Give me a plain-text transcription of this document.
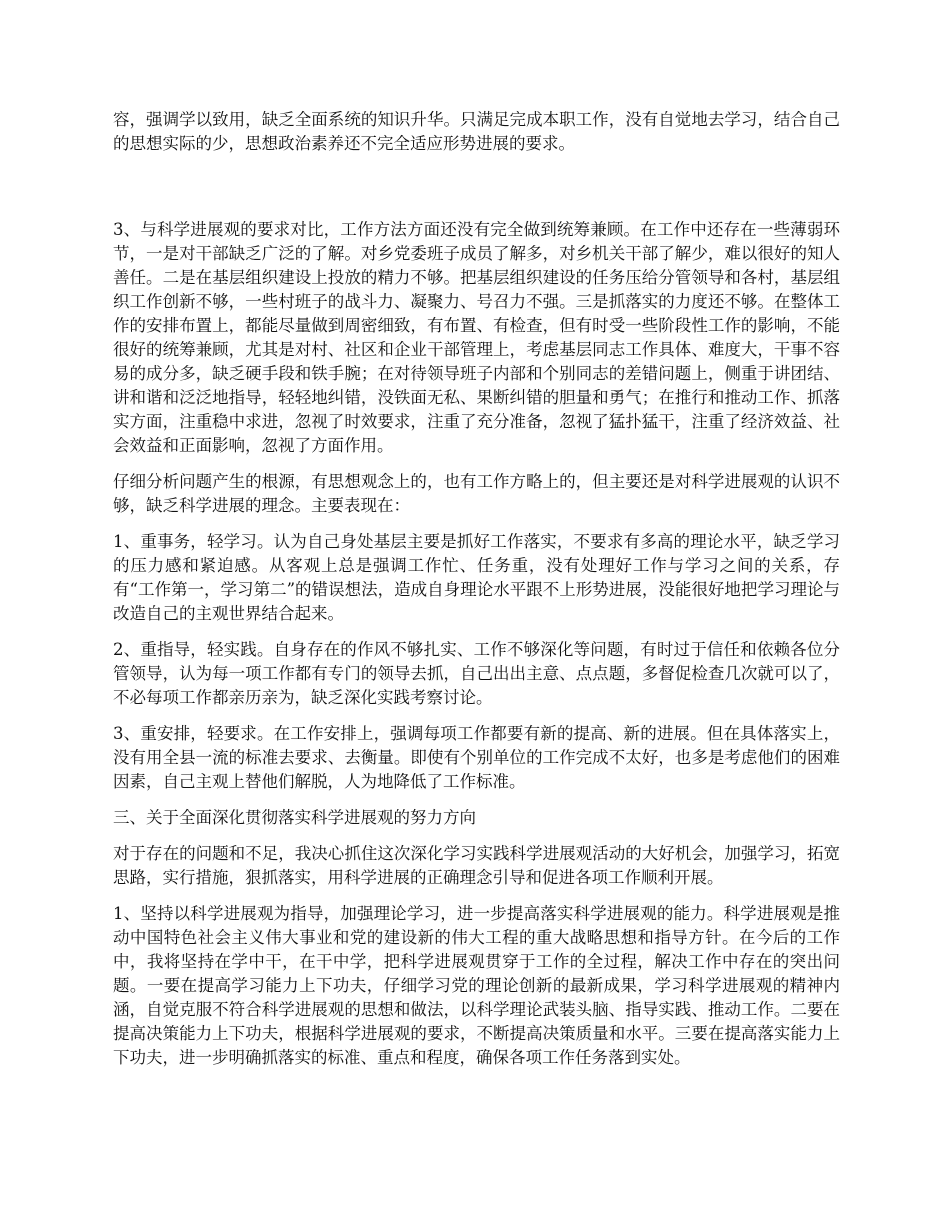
容，强调学以致用，缺乏全面系统的知识升华。只满足完成本职工作，没有自觉地去学习，结合自己的思想实际的少，思想政治素养还不完全适应形势进展的要求。

3、与科学进展观的要求对比，工作方法方面还没有完全做到统筹兼顾。在工作中还存在一些薄弱环节，一是对干部缺乏广泛的了解。对乡党委班子成员了解多，对乡机关干部了解少，难以很好的知人善任。二是在基层组织建设上投放的精力不够。把基层组织建设的任务压给分管领导和各村，基层组织工作创新不够，一些村班子的战斗力、凝聚力、号召力不强。三是抓落实的力度还不够。在整体工作的安排布置上，都能尽量做到周密细致，有布置、有检查，但有时受一些阶段性工作的影响，不能很好的统筹兼顾，尤其是对村、社区和企业干部管理上，考虑基层同志工作具体、难度大，干事不容易的成分多，缺乏硬手段和铁手腕；在对待领导班子内部和个别同志的差错问题上，侧重于讲团结、讲和谐和泛泛地指导，轻轻地纠错，没铁面无私、果断纠错的胆量和勇气；在推行和推动工作、抓落实方面，注重稳中求进，忽视了时效要求，注重了充分准备，忽视了猛扑猛干，注重了经济效益、社会效益和正面影响，忽视了方面作用。

仔细分析问题产生的根源，有思想观念上的，也有工作方略上的，但主要还是对科学进展观的认识不够，缺乏科学进展的理念。主要表现在：

1、重事务，轻学习。认为自己身处基层主要是抓好工作落实，不要求有多高的理论水平，缺乏学习的压力感和紧迫感。从客观上总是强调工作忙、任务重，没有处理好工作与学习之间的关系，存有“工作第一，学习第二”的错误想法，造成自身理论水平跟不上形势进展，没能很好地把学习理论与改造自己的主观世界结合起来。

2、重指导，轻实践。自身存在的作风不够扎实、工作不够深化等问题，有时过于信任和依赖各位分管领导，认为每一项工作都有专门的领导去抓，自己出出主意、点点题，多督促检查几次就可以了，不必每项工作都亲历亲为，缺乏深化实践考察讨论。

3、重安排，轻要求。在工作安排上，强调每项工作都要有新的提高、新的进展。但在具体落实上，没有用全县一流的标准去要求、去衡量。即使有个别单位的工作完成不太好，也多是考虑他们的困难因素，自己主观上替他们解脱，人为地降低了工作标准。

三、关于全面深化贯彻落实科学进展观的努力方向

对于存在的问题和不足，我决心抓住这次深化学习实践科学进展观活动的大好机会，加强学习，拓宽思路，实行措施，狠抓落实，用科学进展的正确理念引导和促进各项工作顺利开展。

1、坚持以科学进展观为指导，加强理论学习，进一步提高落实科学进展观的能力。科学进展观是推动中国特色社会主义伟大事业和党的建设新的伟大工程的重大战略思想和指导方针。在今后的工作中，我将坚持在学中干，在干中学，把科学进展观贯穿于工作的全过程，解决工作中存在的突出问题。一要在提高学习能力上下功夫，仔细学习党的理论创新的最新成果，学习科学进展观的精神内涵，自觉克服不符合科学进展观的思想和做法，以科学理论武装头脑、指导实践、推动工作。二要在提高决策能力上下功夫，根据科学进展观的要求，不断提高决策质量和水平。三要在提高落实能力上下功夫，进一步明确抓落实的标准、重点和程度，确保各项工作任务落到实处。
